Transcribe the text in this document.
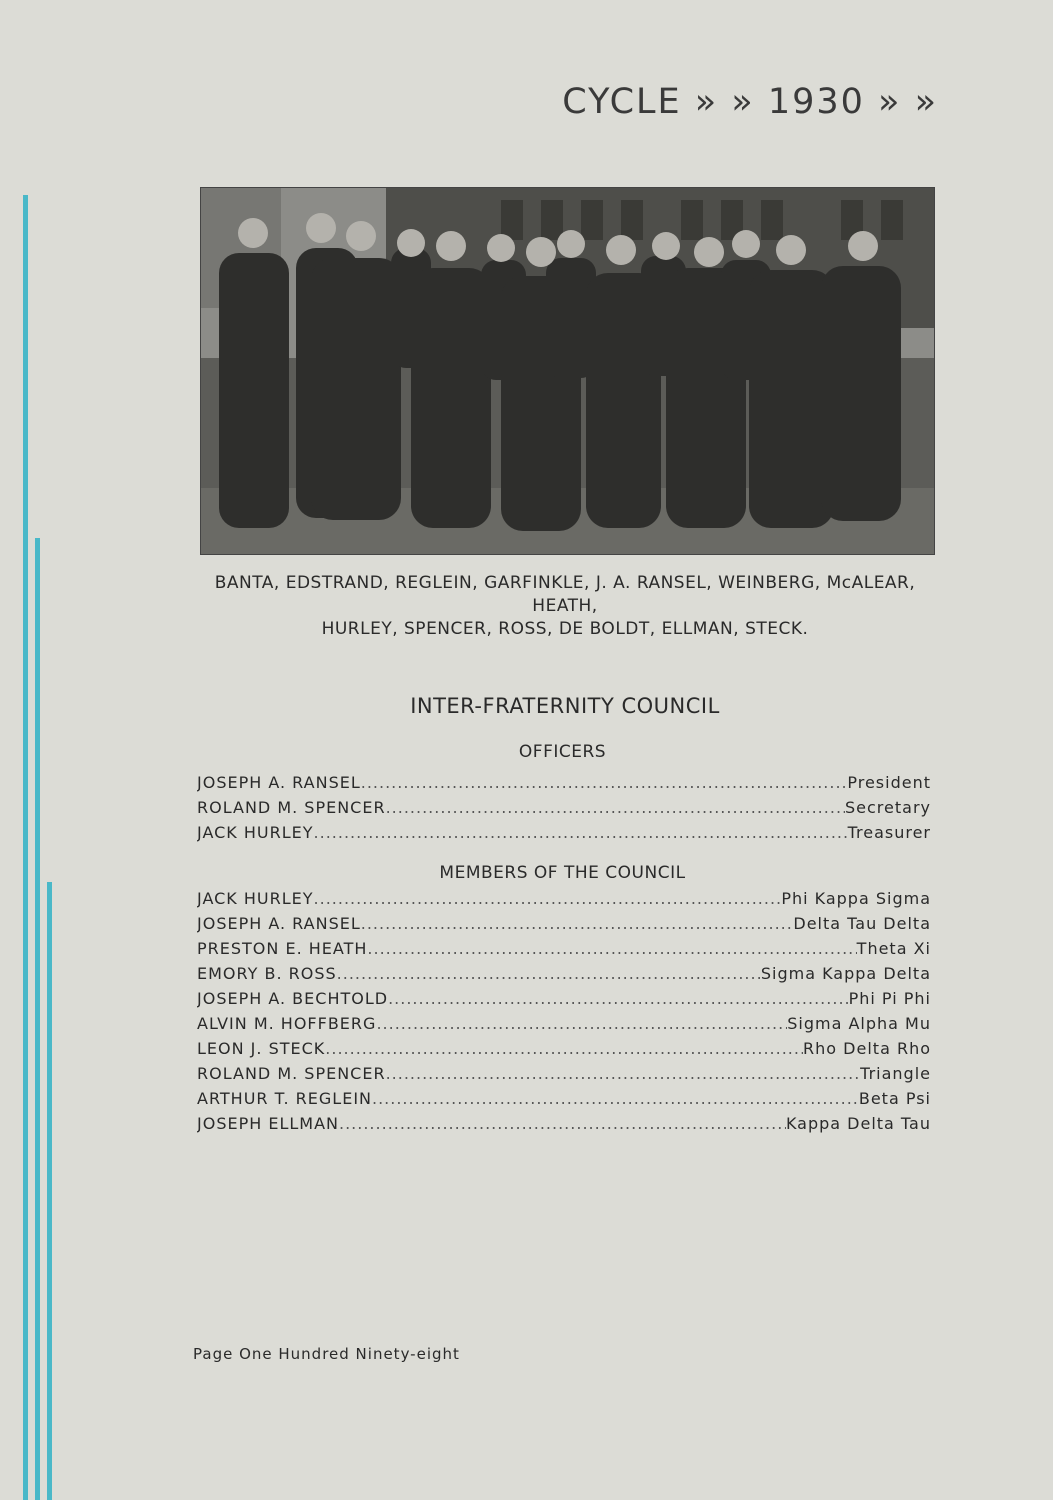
CYCLE » » 1930 » »
BANTA, EDSTRAND, REGLEIN, GARFINKLE, J. A. RANSEL, WEINBERG, McALEAR, HEATH,
HURLEY, SPENCER, ROSS, DE BOLDT, ELLMAN, STECK.
INTER-FRATERNITY COUNCIL
OFFICERS
JOSEPH A. RANSEL .....	President
ROLAND M. SPENCER .....	Secretary
JACK HURLEY .....	Treasurer
MEMBERS OF THE COUNCIL
JACK HURLEY .....	Phi Kappa Sigma
JOSEPH A. RANSEL .....	Delta Tau Delta
PRESTON E. HEATH .....	Theta Xi
EMORY B. ROSS .....	Sigma Kappa Delta
JOSEPH A. BECHTOLD .....	Phi Pi Phi
ALVIN M. HOFFBERG .....	Sigma Alpha Mu
LEON J. STECK .....	Rho Delta Rho
ROLAND M. SPENCER .....	Triangle
ARTHUR T. REGLEIN .....	Beta Psi
JOSEPH ELLMAN .....	Kappa Delta Tau
Page One Hundred Ninety-eight
